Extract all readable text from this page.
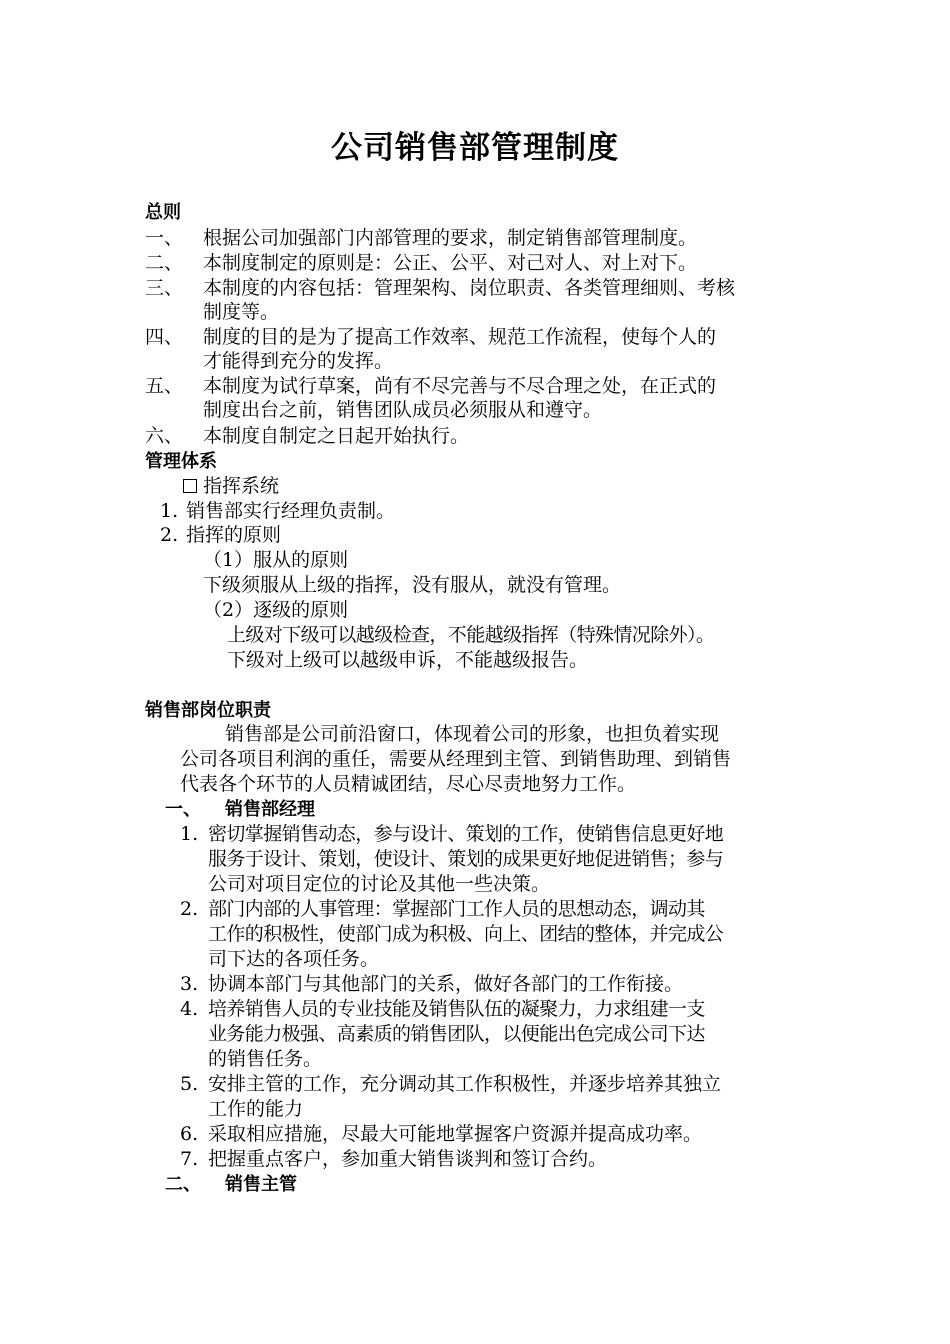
公司销售部管理制度
总则
一、 根据公司加强部门内部管理的要求，制定销售部管理制度。
二、 本制度制定的原则是：公正、公平、对己对人、对上对下。
三、 本制度的内容包括：管理架构、岗位职责、各类管理细则、考核
制度等。
四、 制度的目的是为了提高工作效率、规范工作流程，使每个人的
才能得到充分的发挥。
五、 本制度为试行草案，尚有不尽完善与不尽合理之处，在正式的
制度出台之前，销售团队成员必须服从和遵守。
六、 本制度自制定之日起开始执行。
管理体系
指挥系统
1. 销售部实行经理负责制。
2. 指挥的原则
（1）服从的原则
下级须服从上级的指挥，没有服从，就没有管理。
（2）逐级的原则
上级对下级可以越级检查，不能越级指挥（特殊情况除外）。
下级对上级可以越级申诉，不能越级报告。
销售部岗位职责
销售部是公司前沿窗口，体现着公司的形象，也担负着实现
公司各项目利润的重任，需要从经理到主管、到销售助理、到销售
代表各个环节的人员精诚团结，尽心尽责地努力工作。
一、 销售部经理
1. 密切掌握销售动态，参与设计、策划的工作，使销售信息更好地
服务于设计、策划，使设计、策划的成果更好地促进销售；参与
公司对项目定位的讨论及其他一些决策。
2. 部门内部的人事管理：掌握部门工作人员的思想动态，调动其
工作的积极性，使部门成为积极、向上、团结的整体，并完成公
司下达的各项任务。
3. 协调本部门与其他部门的关系，做好各部门的工作衔接。
4. 培养销售人员的专业技能及销售队伍的凝聚力，力求组建一支
业务能力极强、高素质的销售团队，以便能出色完成公司下达
的销售任务。
5. 安排主管的工作，充分调动其工作积极性，并逐步培养其独立
工作的能力
6. 采取相应措施，尽最大可能地掌握客户资源并提高成功率。
7. 把握重点客户，参加重大销售谈判和签订合约。
二、 销售主管
